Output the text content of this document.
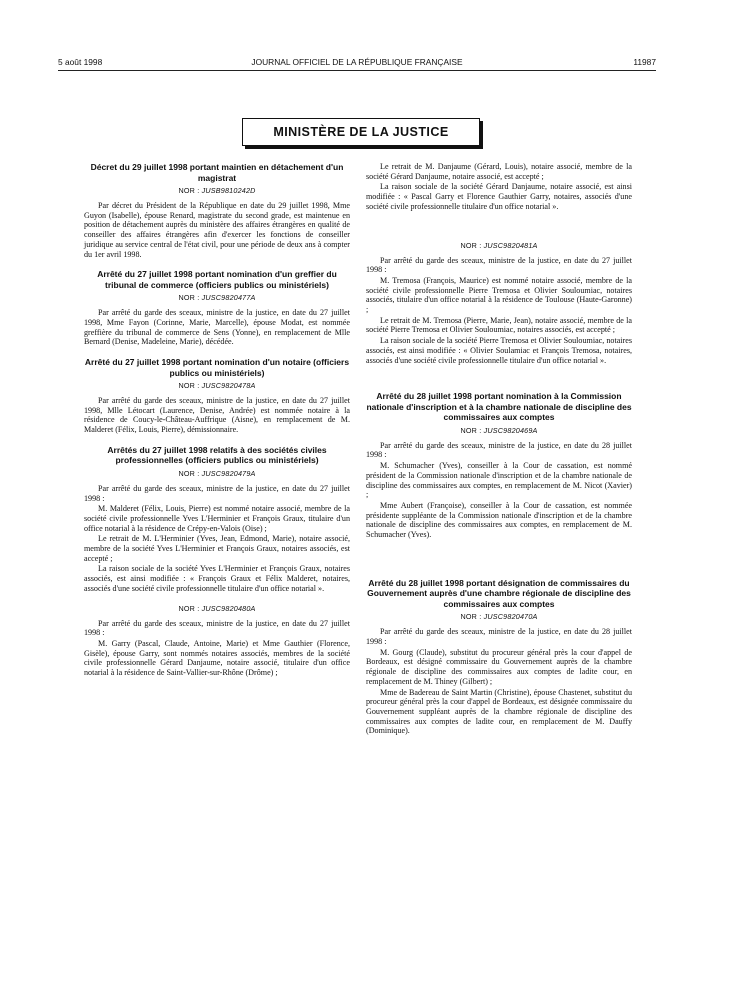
5 août 1998	JOURNAL OFFICIEL DE LA RÉPUBLIQUE FRANÇAISE	11987
MINISTÈRE DE LA JUSTICE
Décret du 29 juillet 1998 portant maintien en détachement d'un magistrat
NOR : JUSB9810242D

Par décret du Président de la République en date du 29 juillet 1998, Mme Guyon (Isabelle), épouse Renard, magistrate du second grade, est maintenue en position de détachement auprès du ministère des affaires étrangères en qualité de conseiller des affaires étrangères afin d'exercer les fonctions de conseiller juridique au service central de l'état civil, pour une période de deux ans à compter du 1er avril 1998.

Arrêté du 27 juillet 1998 portant nomination d'un greffier du tribunal de commerce (officiers publics ou ministériels)
NOR : JUSC9820477A

Par arrêté du garde des sceaux, ministre de la justice, en date du 27 juillet 1998, Mme Fayon (Corinne, Marie, Marcelle), épouse Modat, est nommée greffière du tribunal de commerce de Sens (Yonne), en remplacement de Mlle Bernard (Denise, Madeleine, Marie), décédée.

Arrêté du 27 juillet 1998 portant nomination d'un notaire (officiers publics ou ministériels)
NOR : JUSC9820478A

Par arrêté du garde des sceaux, ministre de la justice, en date du 27 juillet 1998, Mlle Létocart (Laurence, Denise, Andrée) est nommée notaire à la résidence de Coucy-le-Château-Auffrique (Aisne), en remplacement de M. Malderet (Félix, Louis, Pierre), démissionnaire.

Arrêtés du 27 juillet 1998 relatifs à des sociétés civiles professionnelles (officiers publics ou ministériels)
NOR : JUSC9820479A

Par arrêté du garde des sceaux, ministre de la justice, en date du 27 juillet 1998 :

M. Malderet (Félix, Louis, Pierre) est nommé notaire associé, membre de la société civile professionnelle Yves L'Herminier et François Graux, titulaire d'un office notarial à la résidence de Crépy-en-Valois (Oise) ;

Le retrait de M. L'Herminier (Yves, Jean, Edmond, Marie), notaire associé, membre de la société Yves L'Herminier et François Graux, notaires associés, est accepté ;

La raison sociale de la société Yves L'Herminier et François Graux, notaires associés, est ainsi modifiée : « François Graux et Félix Malderet, notaires, associés d'une société civile professionnelle titulaire d'un office notarial ».

NOR : JUSC9820480A

Par arrêté du garde des sceaux, ministre de la justice, en date du 27 juillet 1998 :

M. Garry (Pascal, Claude, Antoine, Marie) et Mme Gauthier (Florence, Gisèle), épouse Garry, sont nommés notaires associés, membres de la société civile professionnelle Gérard Danjaume, notaire associé, titulaire d'un office notarial à la résidence de Saint-Vallier-sur-Rhône (Drôme) ;

Le retrait de M. Danjaume (Gérard, Louis), notaire associé, membre de la société Gérard Danjaume, notaire associé, est accepté ;

La raison sociale de la société Gérard Danjaume, notaire associé, est ainsi modifiée : « Pascal Garry et Florence Gauthier Garry, notaires, associés d'une société civile professionnelle titulaire d'un office notarial ».

NOR : JUSC9820481A

Par arrêté du garde des sceaux, ministre de la justice, en date du 27 juillet 1998 :

M. Tremosa (François, Maurice) est nommé notaire associé, membre de la société civile professionnelle Pierre Tremosa et Olivier Souloumiac, notaires associés, titulaire d'un office notarial à la résidence de Toulouse (Haute-Garonne) ;

Le retrait de M. Tremosa (Pierre, Marie, Jean), notaire associé, membre de la société Pierre Tremosa et Olivier Souloumiac, notaires associés, est accepté ;

La raison sociale de la société Pierre Tremosa et Olivier Souloumiac, notaires associés, est ainsi modifiée : « Olivier Soulamiac et François Tremosa, notaires, associés d'une société civile professionnelle titulaire d'un office notarial ».

Arrêté du 28 juillet 1998 portant nomination à la Commission nationale d'inscription et à la chambre nationale de discipline des commissaires aux comptes
NOR : JUSC9820469A

Par arrêté du garde des sceaux, ministre de la justice, en date du 28 juillet 1998 :

M. Schumacher (Yves), conseiller à la Cour de cassation, est nommé président de la Commission nationale d'inscription et de la chambre nationale de discipline des commissaires aux comptes, en remplacement de M. Nicot (Xavier) ;

Mme Aubert (Françoise), conseiller à la Cour de cassation, est nommée présidente suppléante de la Commission nationale d'inscription et de la chambre nationale de discipline des commissaires aux comptes, en remplacement de M. Schumacher (Yves).

Arrêté du 28 juillet 1998 portant désignation de commissaires du Gouvernement auprès d'une chambre régionale de discipline des commissaires aux comptes
NOR : JUSC9820470A

Par arrêté du garde des sceaux, ministre de la justice, en date du 28 juillet 1998 :

M. Gourg (Claude), substitut du procureur général près la cour d'appel de Bordeaux, est désigné commissaire du Gouvernement auprès de la chambre régionale de discipline des commissaires aux comptes de ladite cour, en remplacement de M. Thiney (Gilbert) ;

Mme de Badereau de Saint Martin (Christine), épouse Chastenet, substitut du procureur général près la cour d'appel de Bordeaux, est désignée commissaire du Gouvernement suppléant auprès de la chambre régionale de discipline des commissaires aux comptes de ladite cour, en remplacement de M. Dauffy (Dominique).
